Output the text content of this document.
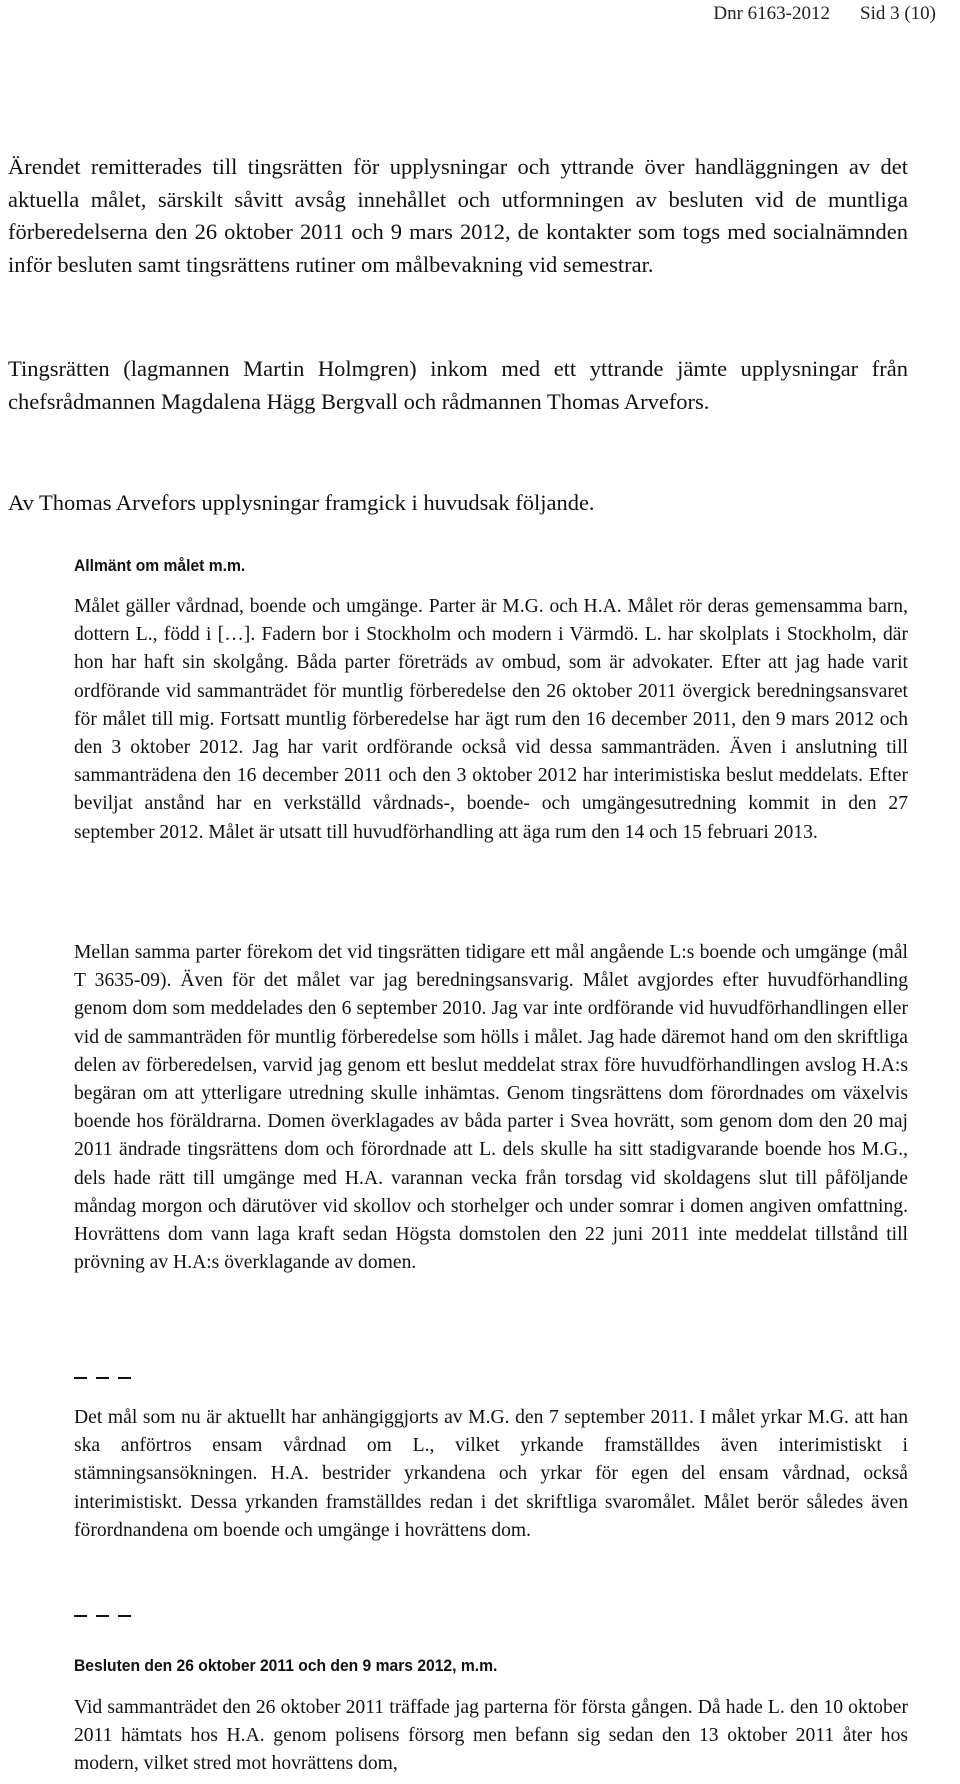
Dnr 6163-2012 Sid 3 (10)

Ärendet remitterades till tingsrätten för upplysningar och yttrande över handläggningen av det aktuella målet, särskilt såvitt avsåg innehållet och utformningen av besluten vid de muntliga förberedelserna den 26 oktober 2011 och 9 mars 2012, de kontakter som togs med socialnämnden inför besluten samt tingsrättens rutiner om målbevakning vid semestrar.

Tingsrätten (lagmannen Martin Holmgren) inkom med ett yttrande jämte upplysningar från chefsrådmannen Magdalena Hägg Bergvall och rådmannen Thomas Arvefors.

Av Thomas Arvefors upplysningar framgick i huvudsak följande.

Allmänt om målet m.m.

Målet gäller vårdnad, boende och umgänge. Parter är M.G. och H.A. Målet rör deras gemensamma barn, dottern L., född i […]. Fadern bor i Stockholm och modern i Värmdö. L. har skolplats i Stockholm, där hon har haft sin skolgång. Båda parter företräds av ombud, som är advokater. Efter att jag hade varit ordförande vid sammanträdet för muntlig förberedelse den 26 oktober 2011 övergick beredningsansvaret för målet till mig. Fortsatt muntlig förberedelse har ägt rum den 16 december 2011, den 9 mars 2012 och den 3 oktober 2012. Jag har varit ordförande också vid dessa sammanträden. Även i anslutning till sammanträdena den 16 december 2011 och den 3 oktober 2012 har interimistiska beslut meddelats. Efter beviljat anstånd har en verkställd vårdnads-, boende- och umgängesutredning kommit in den 27 september 2012. Målet är utsatt till huvudförhandling att äga rum den 14 och 15 februari 2013.

Mellan samma parter förekom det vid tingsrätten tidigare ett mål angående L:s boende och umgänge (mål T 3635-09). Även för det målet var jag beredningsansvarig. Målet avgjordes efter huvudförhandling genom dom som meddelades den 6 september 2010. Jag var inte ordförande vid huvudförhandlingen eller vid de sammanträden för muntlig förberedelse som hölls i målet. Jag hade däremot hand om den skriftliga delen av förberedelsen, varvid jag genom ett beslut meddelat strax före huvudförhandlingen avslog H.A:s begäran om att ytterligare utredning skulle inhämtas. Genom tingsrättens dom förordnades om växelvis boende hos föräldrarna. Domen överklagades av båda parter i Svea hovrätt, som genom dom den 20 maj 2011 ändrade tingsrättens dom och förordnade att L. dels skulle ha sitt stadigvarande boende hos M.G., dels hade rätt till umgänge med H.A. varannan vecka från torsdag vid skoldagens slut till påföljande måndag morgon och därutöver vid skollov och storhelger och under somrar i domen angiven omfattning. Hovrättens dom vann laga kraft sedan Högsta domstolen den 22 juni 2011 inte meddelat tillstånd till prövning av H.A:s överklagande av domen.

Det mål som nu är aktuellt har anhängiggjorts av M.G. den 7 september 2011. I målet yrkar M.G. att han ska anförtros ensam vårdnad om L., vilket yrkande framställdes även interimistiskt i stämningsansökningen. H.A. bestrider yrkandena och yrkar för egen del ensam vårdnad, också interimistiskt. Dessa yrkanden framställdes redan i det skriftliga svaromålet. Målet berör således även förordnandena om boende och umgänge i hovrättens dom.

Besluten den 26 oktober 2011 och den 9 mars 2012, m.m.

Vid sammanträdet den 26 oktober 2011 träffade jag parterna för första gången. Då hade L. den 10 oktober 2011 hämtats hos H.A. genom polisens försorg men befann sig sedan den 13 oktober 2011 åter hos modern, vilket stred mot hovrättens dom,
